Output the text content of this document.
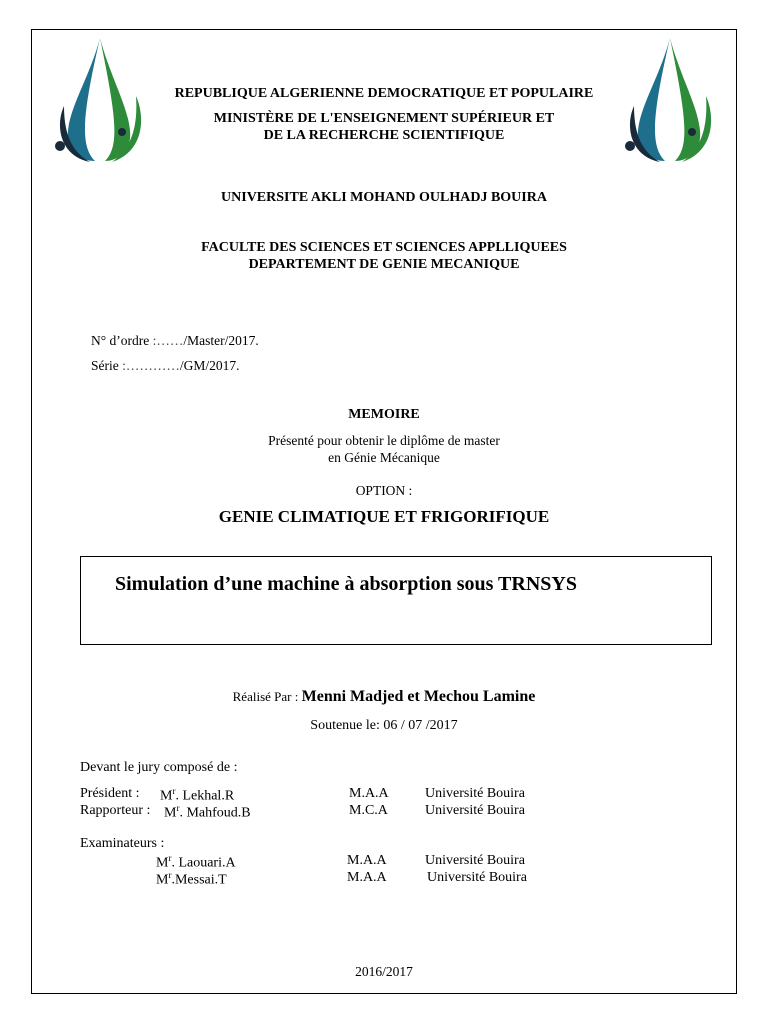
REPUBLIQUE ALGERIENNE DEMOCRATIQUE ET POPULAIRE
MINISTÈRE DE L'ENSEIGNEMENT SUPÉRIEUR ET
DE LA RECHERCHE SCIENTIFIQUE
UNIVERSITE AKLI MOHAND OULHADJ BOUIRA
FACULTE DES SCIENCES ET SCIENCES APPLLIQUEES
DEPARTEMENT DE GENIE MECANIQUE
N° d’ordre :……/Master/2017.
Série :…………/GM/2017.
MEMOIRE
Présenté pour obtenir le diplôme de master
en Génie Mécanique
OPTION :
GENIE CLIMATIQUE ET FRIGORIFIQUE
Simulation d’une machine à absorption sous TRNSYS
Réalisé Par : Menni Madjed et Mechou Lamine
Soutenue le: 06 / 07 /2017
Devant le jury composé de :
Président : $M^r$. Lekhal.R	M.A.A	Université Bouira
Rapporteur : $M^r$. Mahfoud.B	M.C.A	Université Bouira
Examinateurs :
$M^r$. Laouari.A	M.A.A	Université Bouira
$M^r.Messai.T$	M.A.A	Université Bouira
2016/2017
